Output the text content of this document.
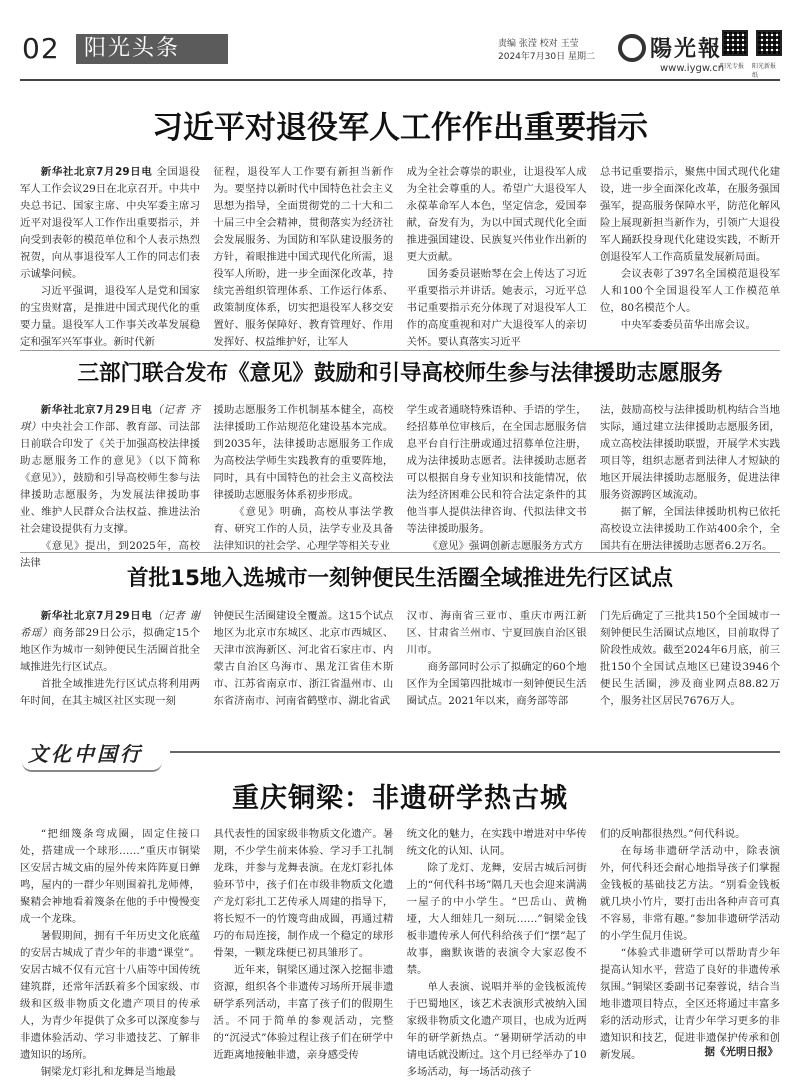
02	阳光头条	责编 张滢 校对 王莹
2024年7月30日 星期二	陽光報
www.iygw.cn
阳光专报 阳光新报纸
习近平对退役军人工作作出重要指示

新华社北京7月29日电 全国退役军人工作会议29日在北京召开。中共中央总书记、国家主席、中央军委主席习近平对退役军人工作作出重要指示，并向受到表彰的模范单位和个人表示热烈祝贺，向从事退役军人工作的同志们表示诚挚问候。

习近平强调，退役军人是党和国家的宝贵财富，是推进中国式现代化的重要力量。退役军人工作事关改革发展稳定和强军兴军事业。新时代新

征程，退役军人工作要有新担当新作为。要坚持以新时代中国特色社会主义思想为指导，全面贯彻党的二十大和二十届三中全会精神，贯彻落实为经济社会发展服务、为国防和军队建设服务的方针，着眼推进中国式现代化所需，退役军人所盼，进一步全面深化改革，持续完善组织管理体系、工作运行体系、政策制度体系，切实把退役军人移交安置好、服务保障好、教育管理好、作用发挥好、权益维护好，让军人

成为全社会尊崇的职业，让退役军人成为全社会尊重的人。希望广大退役军人永葆革命军人本色，坚定信念，爱国奉献，奋发有为，为以中国式现代化全面推进强国建设、民族复兴伟业作出新的更大贡献。

国务委员谌贻琴在会上传达了习近平重要指示并讲话。她表示，习近平总书记重要指示充分体现了对退役军人工作的高度重视和对广大退役军人的亲切关怀。要认真落实习近平

总书记重要指示，聚焦中国式现代化建设，进一步全面深化改革，在服务强国强军，提高服务保障水平，防范化解风险上展现新担当新作为，引领广大退役军人踊跃投身现代化建设实践，不断开创退役军人工作高质量发展新局面。

会议表彰了397名全国模范退役军人和100个全国退役军人工作模范单位，80名模范个人。

中央军委委员苗华出席会议。

三部门联合发布《意见》鼓励和引导高校师生参与法律援助志愿服务

新华社北京7月29日电（记者 齐琪）中央社会工作部、教育部、司法部日前联合印发了《关于加强高校法律援助志愿服务工作的意见》（以下简称《意见》），鼓励和引导高校师生参与法律援助志愿服务，为发展法律援助事业、维护人民群众合法权益、推进法治社会建设提供有力支撑。

《意见》提出，到2025年，高校法律

援助志愿服务工作机制基本健全，高校法律援助工作站规范化建设基本完成。到2035年，法律援助志愿服务工作成为高校法学师生实践教育的重要阵地，同时，具有中国特色的社会主义高校法律援助志愿服务体系初步形成。

《意见》明确，高校从事法学教育、研究工作的人员，法学专业及具备法律知识的社会学、心理学等相关专业

学生或者通晓特殊语种、手语的学生，经招募单位审核后，在全国志愿服务信息平台自行注册或通过招募单位注册，成为法律援助志愿者。法律援助志愿者可以根据自身专业知识和技能情况，依法为经济困难公民和符合法定条件的其他当事人提供法律咨询、代拟法律文书等法律援助服务。

《意见》强调创新志愿服务方式方

法，鼓励高校与法律援助机构结合当地实际，通过建立法律援助志愿服务团，成立高校法律援助联盟，开展学术实践项目等，组织志愿者到法律人才短缺的地区开展法律援助志愿服务，促进法律服务资源跨区域流动。

据了解，全国法律援助机构已依托高校设立法律援助工作站400余个，全国共有在册法律援助志愿者6.2万名。

首批15地入选城市一刻钟便民生活圈全域推进先行区试点

新华社北京7月29日电（记者 谢希瑶）商务部29日公示，拟确定15个地区作为城市一刻钟便民生活圈首批全域推进先行区试点。

首批全域推进先行区试点将利用两年时间，在其主城区社区实现一刻

钟便民生活圈建设全覆盖。这15个试点地区为北京市东城区、北京市西城区、天津市滨海新区、河北省石家庄市、内蒙古自治区乌海市、黑龙江省佳木斯市、江苏省南京市、浙江省温州市、山东省济南市、河南省鹤壁市、湖北省武

汉市、海南省三亚市、重庆市两江新区、甘肃省兰州市、宁夏回族自治区银川市。

商务部同时公示了拟确定的60个地区作为全国第四批城市一刻钟便民生活圈试点。2021年以来，商务部等部

门先后确定了三批共150个全国城市一刻钟便民生活圈试点地区，目前取得了阶段性成效。截至2024年6月底，前三批150个全国试点地区已建设3946个便民生活圈，涉及商业网点88.82万个，服务社区居民7676万人。

文化中国行
重庆铜梁：非遗研学热古城

“把细篾条弯成圈，固定住接口处，搭建成一个球形……”重庆市铜梁区安居古城文庙的屋外传来阵阵夏日蝉鸣，屋内的一群少年则围着扎龙师傅，聚精会神地看着篾条在他的手中慢慢变成一个龙珠。

暑假期间，拥有千年历史文化底蕴的安居古城成了青少年的非遗“课堂”。安居古城不仅有元宫十八庙等中国传统建筑群，还常年活跃着多个国家级、市级和区级非物质文化遗产项目的传承人，为青少年提供了众多可以深度参与非遗体验活动、学习非遗技艺、了解非遗知识的场所。

铜梁龙灯彩扎和龙舞是当地最

具代表性的国家级非物质文化遗产。暑期，不少学生前来体验、学习手工扎制龙珠，并参与龙舞表演。在龙灯彩扎体验环节中，孩子们在市级非物质文化遗产龙灯彩扎工艺传承人周建的指导下，将长短不一的竹篾弯曲成圆，再通过精巧的布局连接，制作成一个稳定的球形骨架，一颗龙珠便已初具雏形了。

近年来，铜梁区通过深入挖掘非遗资源，组织各个非遗传习场所开展非遗研学系列活动，丰富了孩子们的假期生活。不同于简单的参观活动，完整的“沉浸式”体验过程让孩子们在研学中近距离地接触非遗，亲身感受传

统文化的魅力，在实践中增进对中华传统文化的认知、认同。

除了龙灯、龙舞，安居古城后河街上的“何代科书场”隔几天也会迎来满满一屋子的中小学生。“巴岳山、黄桷垭，大人细娃几一刻玩……”铜梁金钱板非遗传承人何代科给孩子们“摆”起了故事，幽默诙谐的表演令大家忍俊不禁。

单人表演、说唱并举的金钱板流传于巴蜀地区，该艺术表演形式被纳入国家级非物质文化遗产项目，也成为近两年的研学新热点。“暑期研学活动的申请电话就没断过。这个月已经举办了10多场活动，每一场活动孩子

们的反响都很热烈。”何代科说。

在每场非遗研学活动中，除表演外，何代科还会耐心地指导孩子们掌握金钱板的基础技艺方法。“别看金钱板就几块小竹片，要打击出各种声音可真不容易，非常有趣。”参加非遗研学活动的小学生侃月佳说。

“体验式非遗研学可以帮助青少年提高认知水平，营造了良好的非遗传承氛围。”铜梁区委副书记秦蓉说，结合当地非遗项目特点，全区还将通过丰富多彩的活动形式，让青少年学习更多的非遗知识和技艺，促进非遗保护传承和创新发展。	据《光明日报》
